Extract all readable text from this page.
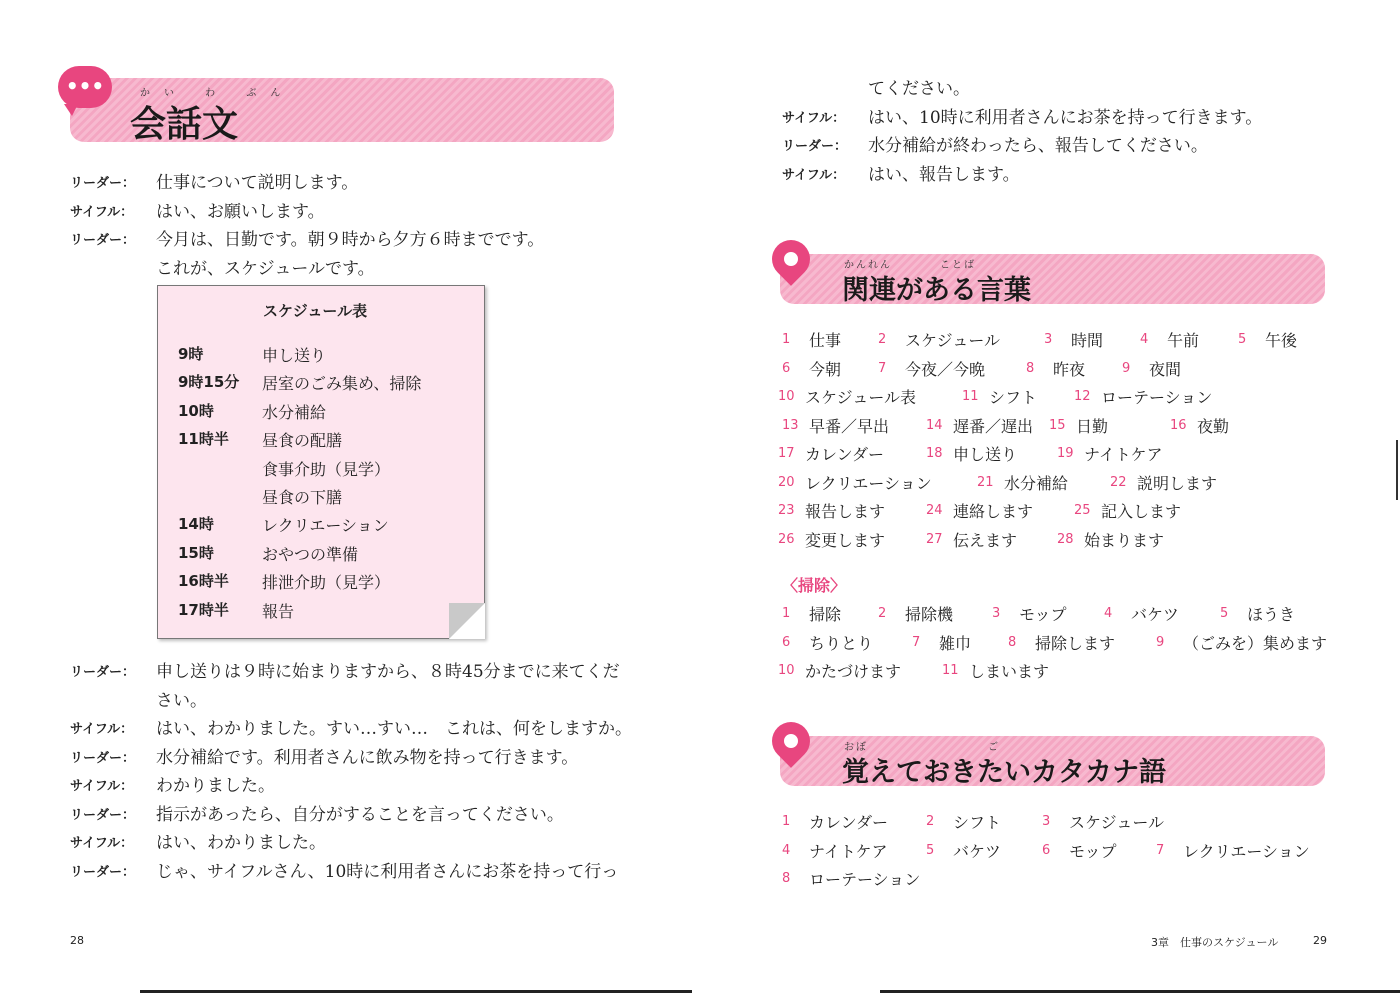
•••	かい わ ぶん
会話文
リーダー：	仕事について説明します。
サイフル：	はい、お願いします。
リーダー：	今月は、日勤です。朝９時から夕方６時までです。
これが、スケジュールです。
スケジュール表
9時	申し送り
9時15分	居室のごみ集め、掃除
10時	水分補給
11時半	昼食の配膳
食事介助（見学）
昼食の下膳
14時	レクリエーション
15時	おやつの準備
16時半	排泄介助（見学）
17時半	報告
リーダー：	申し送りは９時に始まりますから、８時45分までに来てくだ
さい。
サイフル：	はい、わかりました。すい…すい…　これは、何をしますか。
リーダー：	水分補給です。利用者さんに飲み物を持って行きます。
サイフル：	わかりました。
リーダー：	指示があったら、自分がすることを言ってください。
サイフル：	はい、わかりました。
リーダー：	じゃ、サイフルさん、10時に利用者さんにお茶を持って行っ
28
かんれん　　　　ことば
関連がある言葉
おぼ　　　　　　　　　　ご
覚えておきたいカタカナ語
3章　仕事のスケジュール	29
てください。
サイフル：	はい、10時に利用者さんにお茶を持って行きます。
リーダー：	水分補給が終わったら、報告してください。
サイフル：	はい、報告します。
1 仕事	2 スケジュール	3 時間	4 午前	5 午後
6 今朝	7 今夜／今晩	8 昨夜	9 夜間
10 スケジュール表	11 シフト	12 ローテーション
13 早番／早出	14 遅番／遅出 15 日勤	16 夜勤
17 カレンダー	18 申し送り	19 ナイトケア
20 レクリエーション	21 水分補給	22 説明します
23 報告します	24 連絡します	25 記入します
26 変更します	27 伝えます	28 始まります
〈掃除〉
1 掃除	2 掃除機	3 モップ	4 バケツ	5 ほうき
6 ちりとり	7 雑巾	8 掃除します	9 （ごみを）集めます
10 かたづけます	11 しまいます
1 カレンダー	2 シフト	3 スケジュール
4 ナイトケア	5 バケツ	6 モップ	7 レクリエーション
8 ローテーション
